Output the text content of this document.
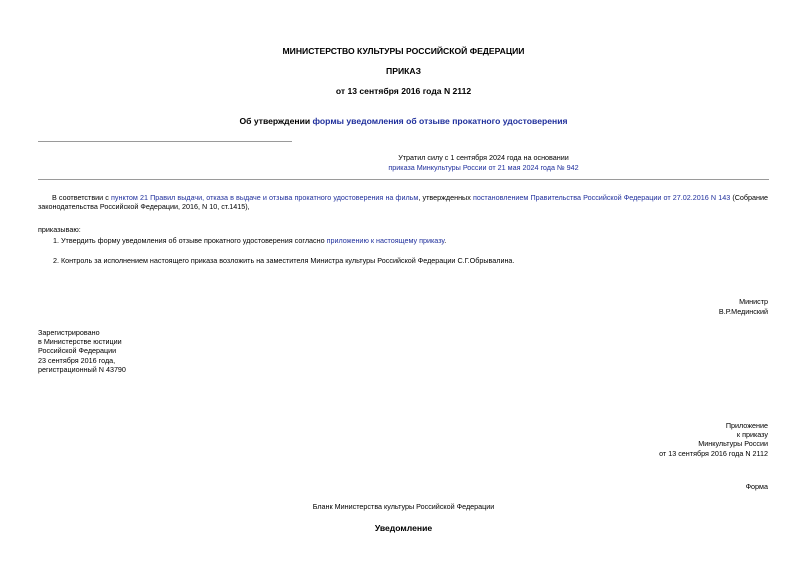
МИНИСТЕРСТВО КУЛЬТУРЫ РОССИЙСКОЙ ФЕДЕРАЦИИ
ПРИКАЗ
от 13 сентября 2016 года N 2112
Об утверждении формы уведомления об отзыве прокатного удостоверения
Утратил силу с 1 сентября 2024 года на основании
приказа Минкультуры России от 21 мая 2024 года № 942
В соответствии с пунктом 21 Правил выдачи, отказа в выдаче и отзыва прокатного удостоверения на фильм, утвержденных постановлением Правительства Российской Федерации от 27.02.2016 N 143 (Собрание законодательства Российской Федерации, 2016, N 10, ст.1415),
приказываю:
1. Утвердить форму уведомления об отзыве прокатного удостоверения согласно приложению к настоящему приказу.
2. Контроль за исполнением настоящего приказа возложить на заместителя Министра культуры Российской Федерации С.Г.Обрывалина.
Министр
В.Р.Мединский
Зарегистрировано
в Министерстве юстиции
Российской Федерации
23 сентября 2016 года,
регистрационный N 43790
Приложение
к приказу
Минкультуры России
от 13 сентября 2016 года N 2112
Форма
Бланк Министерства культуры Российской Федерации
Уведомление
